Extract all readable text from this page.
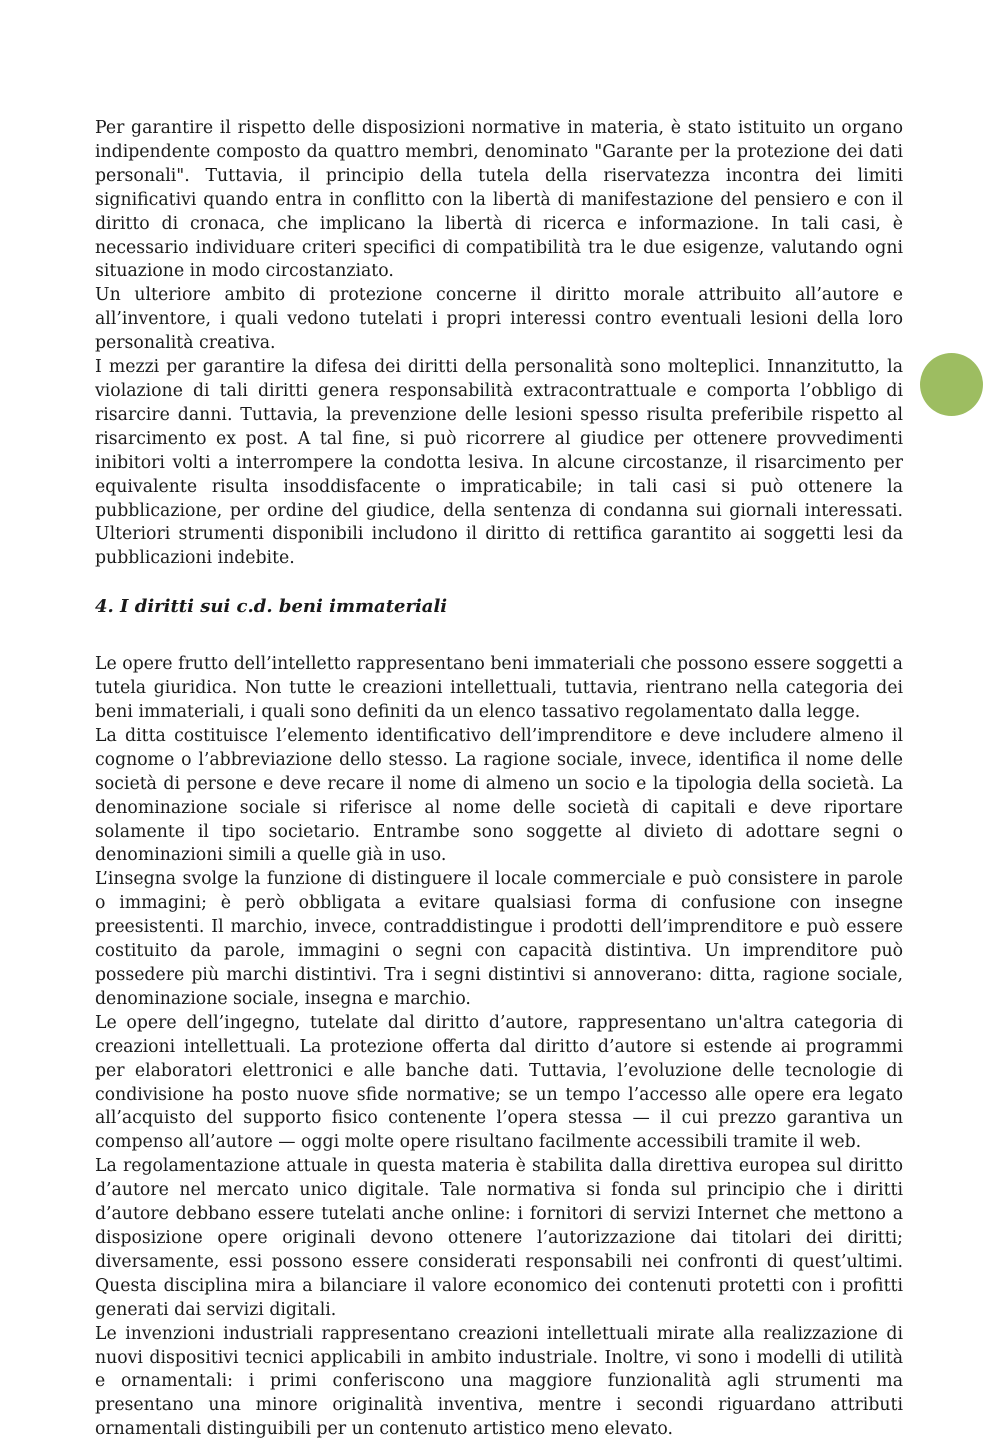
Per garantire il rispetto delle disposizioni normative in materia, è stato istituito un organo indipendente composto da quattro membri, denominato "Garante per la protezione dei dati personali". Tuttavia, il principio della tutela della riservatezza incontra dei limiti significativi quando entra in conflitto con la libertà di manifestazione del pensiero e con il diritto di cronaca, che implicano la libertà di ricerca e informazione. In tali casi, è necessario individuare criteri specifici di compatibilità tra le due esigenze, valutando ogni situazione in modo circostanziato.

Un ulteriore ambito di protezione concerne il diritto morale attribuito all’autore e all’inventore, i quali vedono tutelati i propri interessi contro eventuali lesioni della loro personalità creativa.

I mezzi per garantire la difesa dei diritti della personalità sono molteplici. Innanzitutto, la violazione di tali diritti genera responsabilità extracontrattuale e comporta l’obbligo di risarcire danni. Tuttavia, la prevenzione delle lesioni spesso risulta preferibile rispetto al risarcimento ex post. A tal fine, si può ricorrere al giudice per ottenere provvedimenti inibitori volti a interrompere la condotta lesiva. In alcune circostanze, il risarcimento per equivalente risulta insoddisfacente o impraticabile; in tali casi si può ottenere la pubblicazione, per ordine del giudice, della sentenza di condanna sui giornali interessati. Ulteriori strumenti disponibili includono il diritto di rettifica garantito ai soggetti lesi da pubblicazioni indebite.

4. I diritti sui c.d. beni immateriali

Le opere frutto dell’intelletto rappresentano beni immateriali che possono essere soggetti a tutela giuridica. Non tutte le creazioni intellettuali, tuttavia, rientrano nella categoria dei beni immateriali, i quali sono definiti da un elenco tassativo regolamentato dalla legge.

La ditta costituisce l’elemento identificativo dell’imprenditore e deve includere almeno il cognome o l’abbreviazione dello stesso. La ragione sociale, invece, identifica il nome delle società di persone e deve recare il nome di almeno un socio e la tipologia della società. La denominazione sociale si riferisce al nome delle società di capitali e deve riportare solamente il tipo societario. Entrambe sono soggette al divieto di adottare segni o denominazioni simili a quelle già in uso.

L’insegna svolge la funzione di distinguere il locale commerciale e può consistere in parole o immagini; è però obbligata a evitare qualsiasi forma di confusione con insegne preesistenti. Il marchio, invece, contraddistingue i prodotti dell’imprenditore e può essere costituito da parole, immagini o segni con capacità distintiva. Un imprenditore può possedere più marchi distintivi. Tra i segni distintivi si annoverano: ditta, ragione sociale, denominazione sociale, insegna e marchio.

Le opere dell’ingegno, tutelate dal diritto d’autore, rappresentano un'altra categoria di creazioni intellettuali. La protezione offerta dal diritto d’autore si estende ai programmi per elaboratori elettronici e alle banche dati. Tuttavia, l’evoluzione delle tecnologie di condivisione ha posto nuove sfide normative; se un tempo l’accesso alle opere era legato all’acquisto del supporto fisico contenente l’opera stessa — il cui prezzo garantiva un compenso all’autore — oggi molte opere risultano facilmente accessibili tramite il web.

La regolamentazione attuale in questa materia è stabilita dalla direttiva europea sul diritto d’autore nel mercato unico digitale. Tale normativa si fonda sul principio che i diritti d’autore debbano essere tutelati anche online: i fornitori di servizi Internet che mettono a disposizione opere originali devono ottenere l’autorizzazione dai titolari dei diritti; diversamente, essi possono essere considerati responsabili nei confronti di quest’ultimi. Questa disciplina mira a bilanciare il valore economico dei contenuti protetti con i profitti generati dai servizi digitali.

Le invenzioni industriali rappresentano creazioni intellettuali mirate alla realizzazione di nuovi dispositivi tecnici applicabili in ambito industriale. Inoltre, vi sono i modelli di utilità e ornamentali: i primi conferiscono una maggiore funzionalità agli strumenti ma presentano una minore originalità inventiva, mentre i secondi riguardano attributi ornamentali distinguibili per un contenuto artistico meno elevato.
